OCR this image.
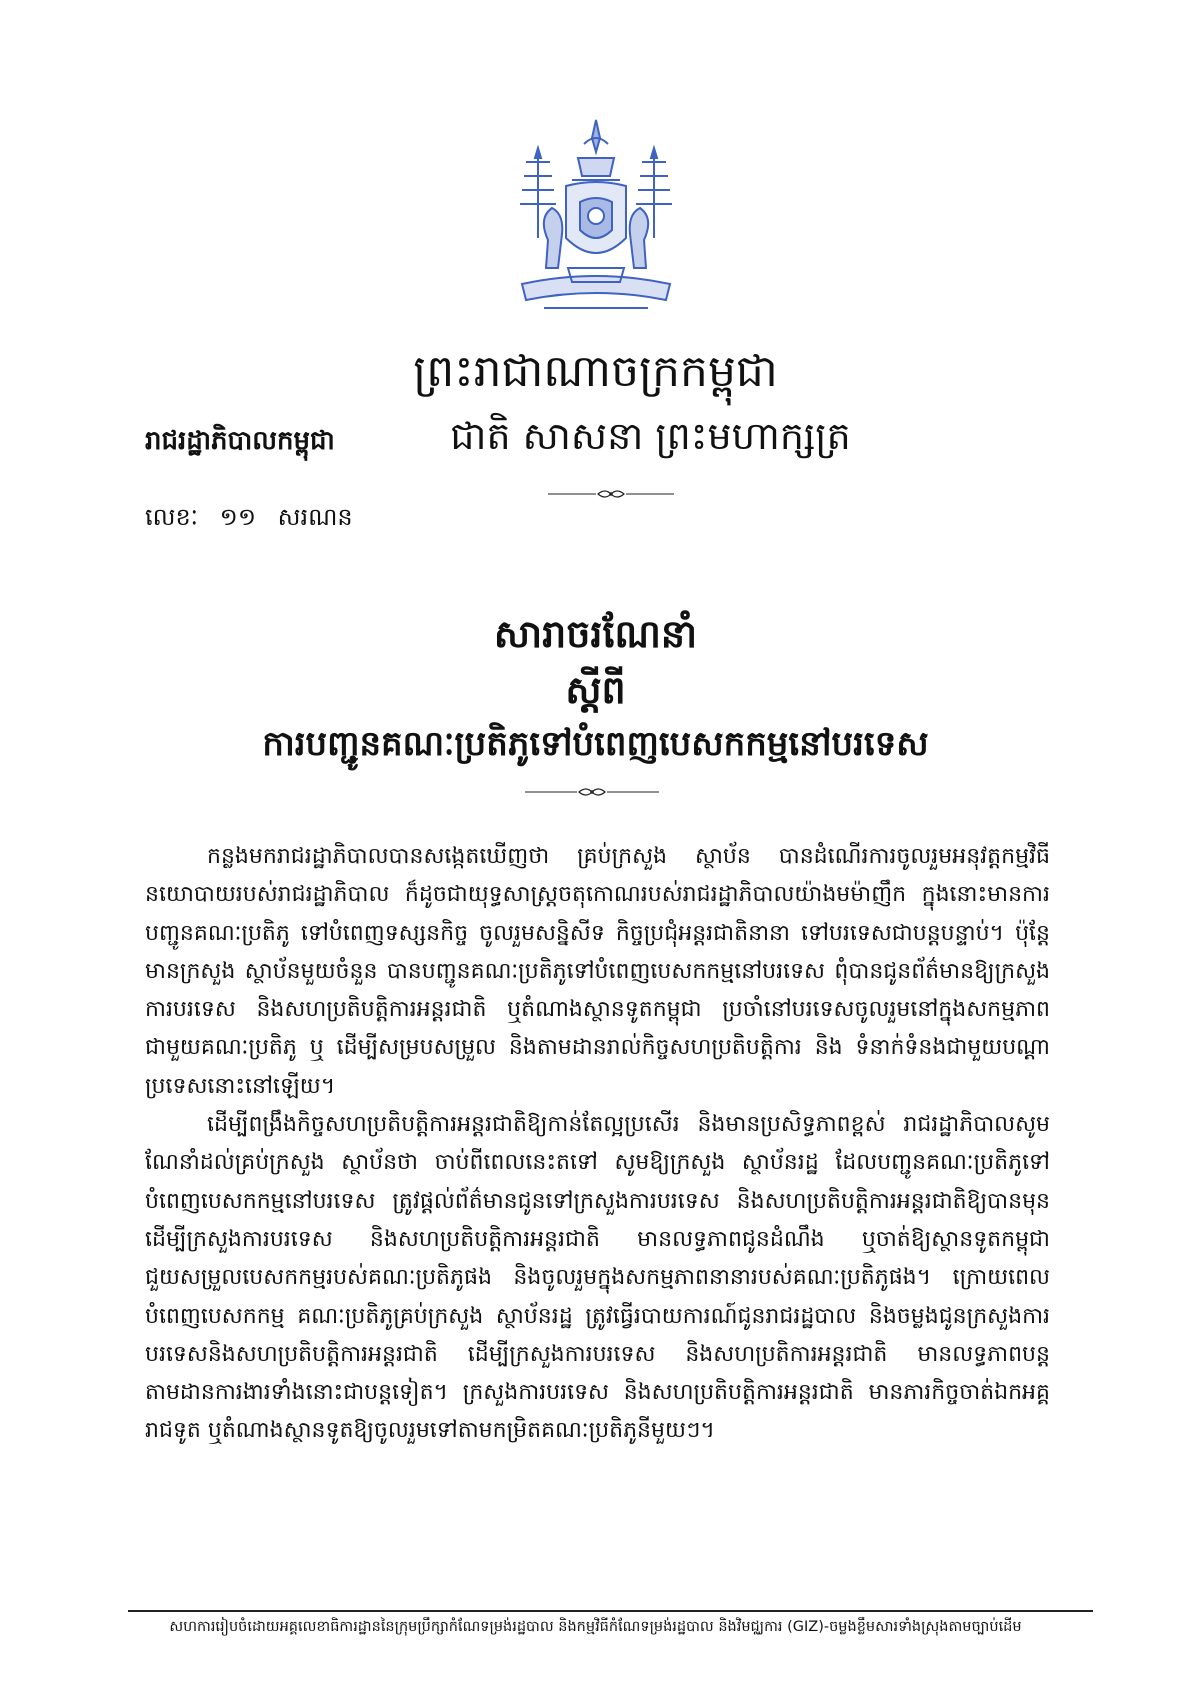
ព្រះរាជាណាចក្រកម្ពុជា
រាជរដ្ឋាភិបាលកម្ពុជា	ជាតិ សាសនា ព្រះមហាក្សត្រ
លេខៈ ១១ សរណន
សារាចរណែនាំ
ស្ដីពី
ការបញ្ជូនគណៈប្រតិភូទៅបំពេញបេសកកម្មនៅបរទេស

កន្លងមករាជរដ្ឋាភិបាលបានសង្កេតឃើញថា គ្រប់ក្រសួង ស្ថាប័ន បានដំណើរការចូលរួមអនុវត្តកម្មវិធីនយោបាយរបស់រាជរដ្ឋាភិបាល ក៏ដូចជាយុទ្ធសាស្ត្រចតុកោណរបស់រាជរដ្ឋាភិបាលយ៉ាងមម៉ាញឹក ក្នុងនោះមានការបញ្ជូនគណៈប្រតិភូ ទៅបំពេញទស្សនកិច្ច ចូលរួមសន្និសីទ កិច្ចប្រជុំអន្តរជាតិនានា ទៅបរទេសជាបន្តបន្ទាប់។ ប៉ុន្តែមានក្រសួង ស្ថាប័នមួយចំនួន បានបញ្ជូនគណៈប្រតិភូទៅបំពេញបេសកកម្មនៅបរទេស ពុំបានជូនព័ត៌មានឱ្យក្រសួងការបរទេស និងសហប្រតិបត្តិការអន្តរជាតិ ឬតំណាងស្ថានទូតកម្ពុជា ប្រចាំនៅបរទេសចូលរួមនៅក្នុងសកម្មភាពជាមួយគណៈប្រតិភូ ឬ ដើម្បីសម្របសម្រួល និងតាមដានរាល់កិច្ចសហប្រតិបត្តិការ និង ទំនាក់ទំនងជាមួយបណ្ដាប្រទេសនោះនៅឡើយ។

ដើម្បីពង្រឹងកិច្ចសហប្រតិបត្តិការអន្តរជាតិឱ្យកាន់តែល្អប្រសើរ និងមានប្រសិទ្ធភាពខ្ពស់ រាជរដ្ឋាភិបាលសូមណែនាំដល់គ្រប់ក្រសួង ស្ថាប័នថា ចាប់ពីពេលនេះតទៅ សូមឱ្យក្រសួង ស្ថាប័នរដ្ឋ ដែលបញ្ជូនគណៈប្រតិភូទៅបំពេញបេសកកម្មនៅបរទេស ត្រូវផ្ដល់ព័ត៌មានជូនទៅក្រសួងការបរទេស និងសហប្រតិបត្តិការអន្តរជាតិឱ្យបានមុនដើម្បីក្រសួងការបរទេស និងសហប្រតិបត្តិការអន្តរជាតិ មានលទ្ធភាពជូនដំណឹង ឬចាត់ឱ្យស្ថានទូតកម្ពុជា ជួយសម្រួលបេសកកម្មរបស់គណៈប្រតិភូផង និងចូលរួមក្នុងសកម្មភាពនានារបស់គណៈប្រតិភូផង។ ក្រោយពេលបំពេញបេសកកម្ម គណៈប្រតិភូគ្រប់ក្រសួង ស្ថាប័នរដ្ឋ ត្រូវធ្វើរបាយការណ៍ជូនរាជរដ្ឋបាល និងចម្លងជូនក្រសួងការបរទេសនិងសហប្រតិបត្តិការអន្តរជាតិ ដើម្បីក្រសួងការបរទេស និងសហប្រតិការអន្តរជាតិ មានលទ្ធភាពបន្តតាមដានការងារទាំងនោះជាបន្តទៀត។ ក្រសួងការបរទេស និងសហប្រតិបត្តិការអន្តរជាតិ មានភារកិច្ចចាត់ឯកអគ្គរាជទូត ឬតំណាងស្ថានទូតឱ្យចូលរួមទៅតាមកម្រិតគណៈប្រតិភូនីមួយៗ។

សហការរៀបចំដោយអគ្គលេខាធិការដ្ឋាននៃក្រុមប្រឹក្សាកំណែទម្រង់រដ្ឋបាល និងកម្មវិធីកំណែទម្រង់រដ្ឋបាល និងវិមជ្ឈការ (GIZ)-ចម្លងខ្លឹមសារទាំងស្រុងតាមច្បាប់ដើម
